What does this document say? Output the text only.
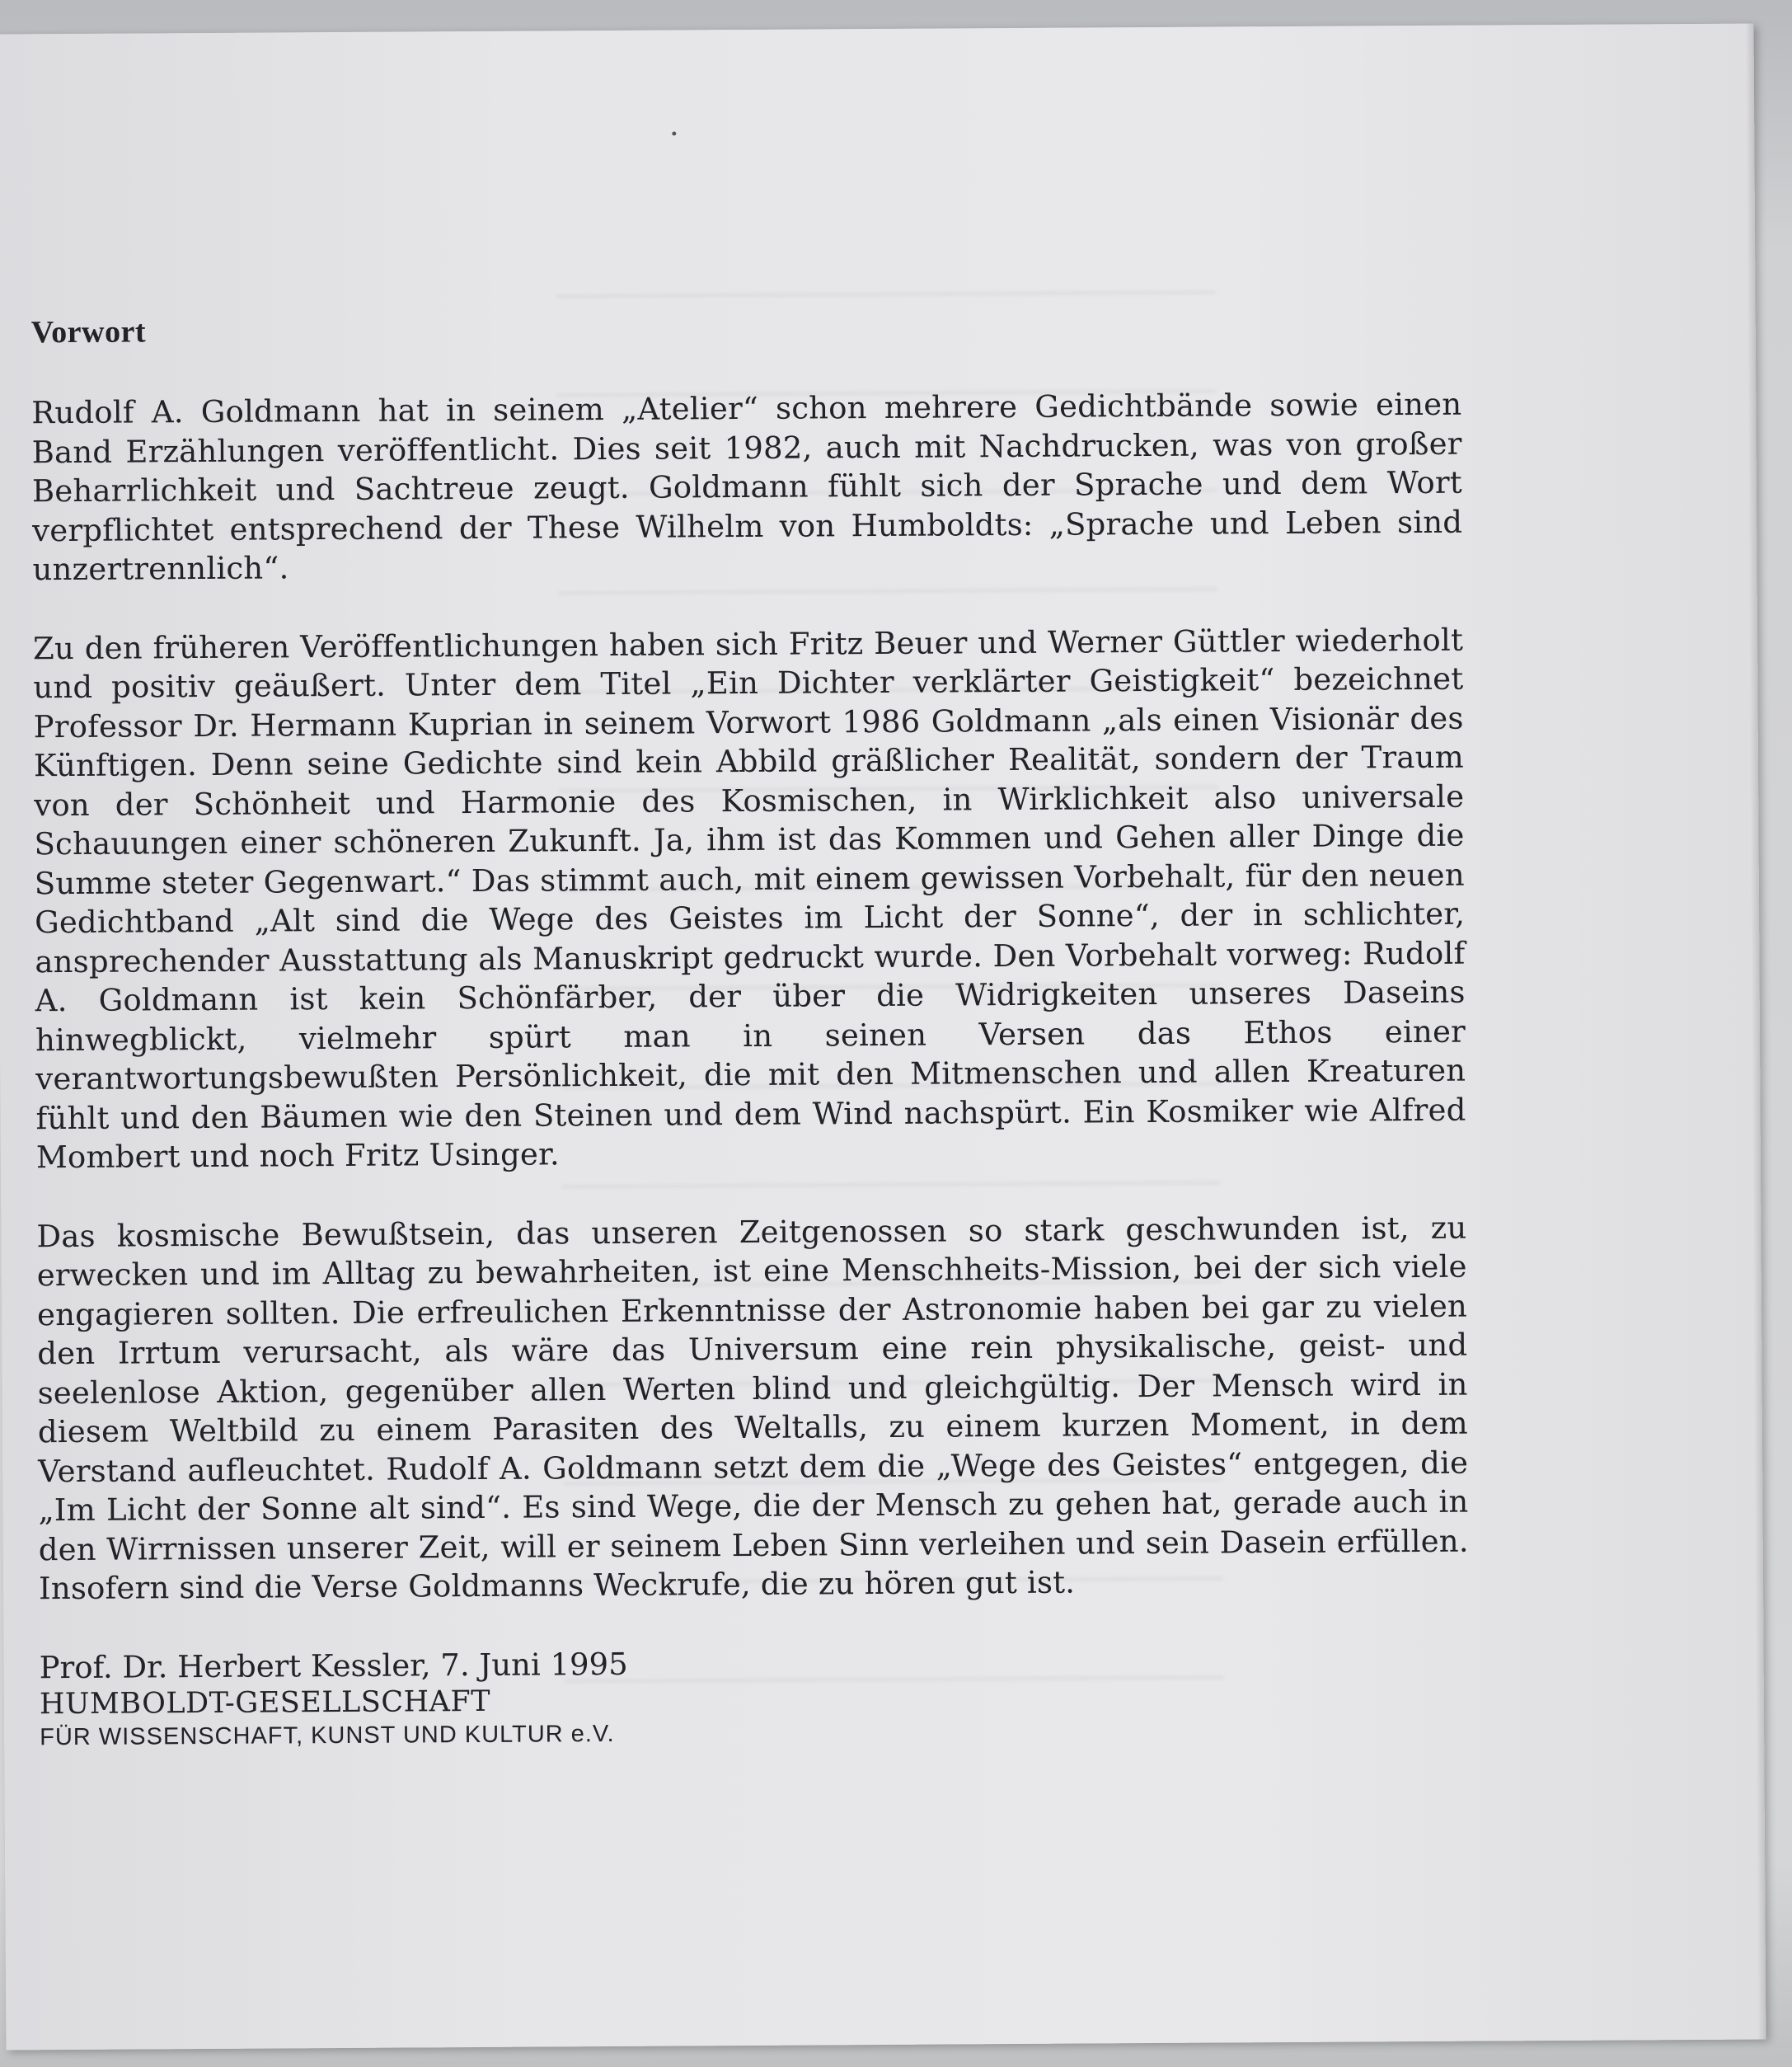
Vorwort

Rudolf A. Goldmann hat in seinem „Atelier“ schon mehrere Gedichtbände sowie einen Band Erzählungen veröffentlicht. Dies seit 1982, auch mit Nachdrucken, was von großer Beharrlichkeit und Sachtreue zeugt. Goldmann fühlt sich der Sprache und dem Wort verpflichtet entsprechend der These Wilhelm von Humboldts: „Sprache und Leben sind unzertrennlich“.

Zu den früheren Veröffentlichungen haben sich Fritz Beuer und Werner Güttler wiederholt und positiv geäußert. Unter dem Titel „Ein Dichter verklärter Geistigkeit“ bezeichnet Professor Dr. Hermann Kuprian in seinem Vorwort 1986 Goldmann „als einen Visionär des Künftigen. Denn seine Gedichte sind kein Abbild gräßlicher Realität, sondern der Traum von der Schönheit und Harmonie des Kosmischen, in Wirklichkeit also universale Schauungen einer schöneren Zukunft. Ja, ihm ist das Kommen und Gehen aller Dinge die Summe steter Gegenwart.“ Das stimmt auch, mit einem gewissen Vorbehalt, für den neuen Gedichtband „Alt sind die Wege des Geistes im Licht der Sonne“, der in schlichter, ansprechender Ausstattung als Manuskript gedruckt wurde. Den Vorbehalt vorweg: Rudolf A. Goldmann ist kein Schönfärber, der über die Widrigkeiten unseres Daseins hinwegblickt, vielmehr spürt man in seinen Versen das Ethos einer verantwortungsbewußten Persönlichkeit, die mit den Mitmenschen und allen Kreaturen fühlt und den Bäumen wie den Steinen und dem Wind nachspürt. Ein Kosmiker wie Alfred Mombert und noch Fritz Usinger.

Das kosmische Bewußtsein, das unseren Zeitgenossen so stark geschwunden ist, zu erwecken und im Alltag zu bewahrheiten, ist eine Menschheits-Mission, bei der sich viele engagieren sollten. Die erfreulichen Erkenntnisse der Astronomie haben bei gar zu vielen den Irrtum verursacht, als wäre das Universum eine rein physikalische, geist- und seelenlose Aktion, gegenüber allen Werten blind und gleichgültig. Der Mensch wird in diesem Weltbild zu einem Parasiten des Weltalls, zu einem kurzen Moment, in dem Verstand aufleuchtet. Rudolf A. Goldmann setzt dem die „Wege des Geistes“ entgegen, die „Im Licht der Sonne alt sind“. Es sind Wege, die der Mensch zu gehen hat, gerade auch in den Wirrnissen unserer Zeit, will er seinem Leben Sinn verleihen und sein Dasein erfüllen. Insofern sind die Verse Goldmanns Weckrufe, die zu hören gut ist.

Prof. Dr. Herbert Kessler, 7. Juni 1995

HUMBOLDT-GESELLSCHAFT

FÜR WISSENSCHAFT, KUNST UND KULTUR e.V.
